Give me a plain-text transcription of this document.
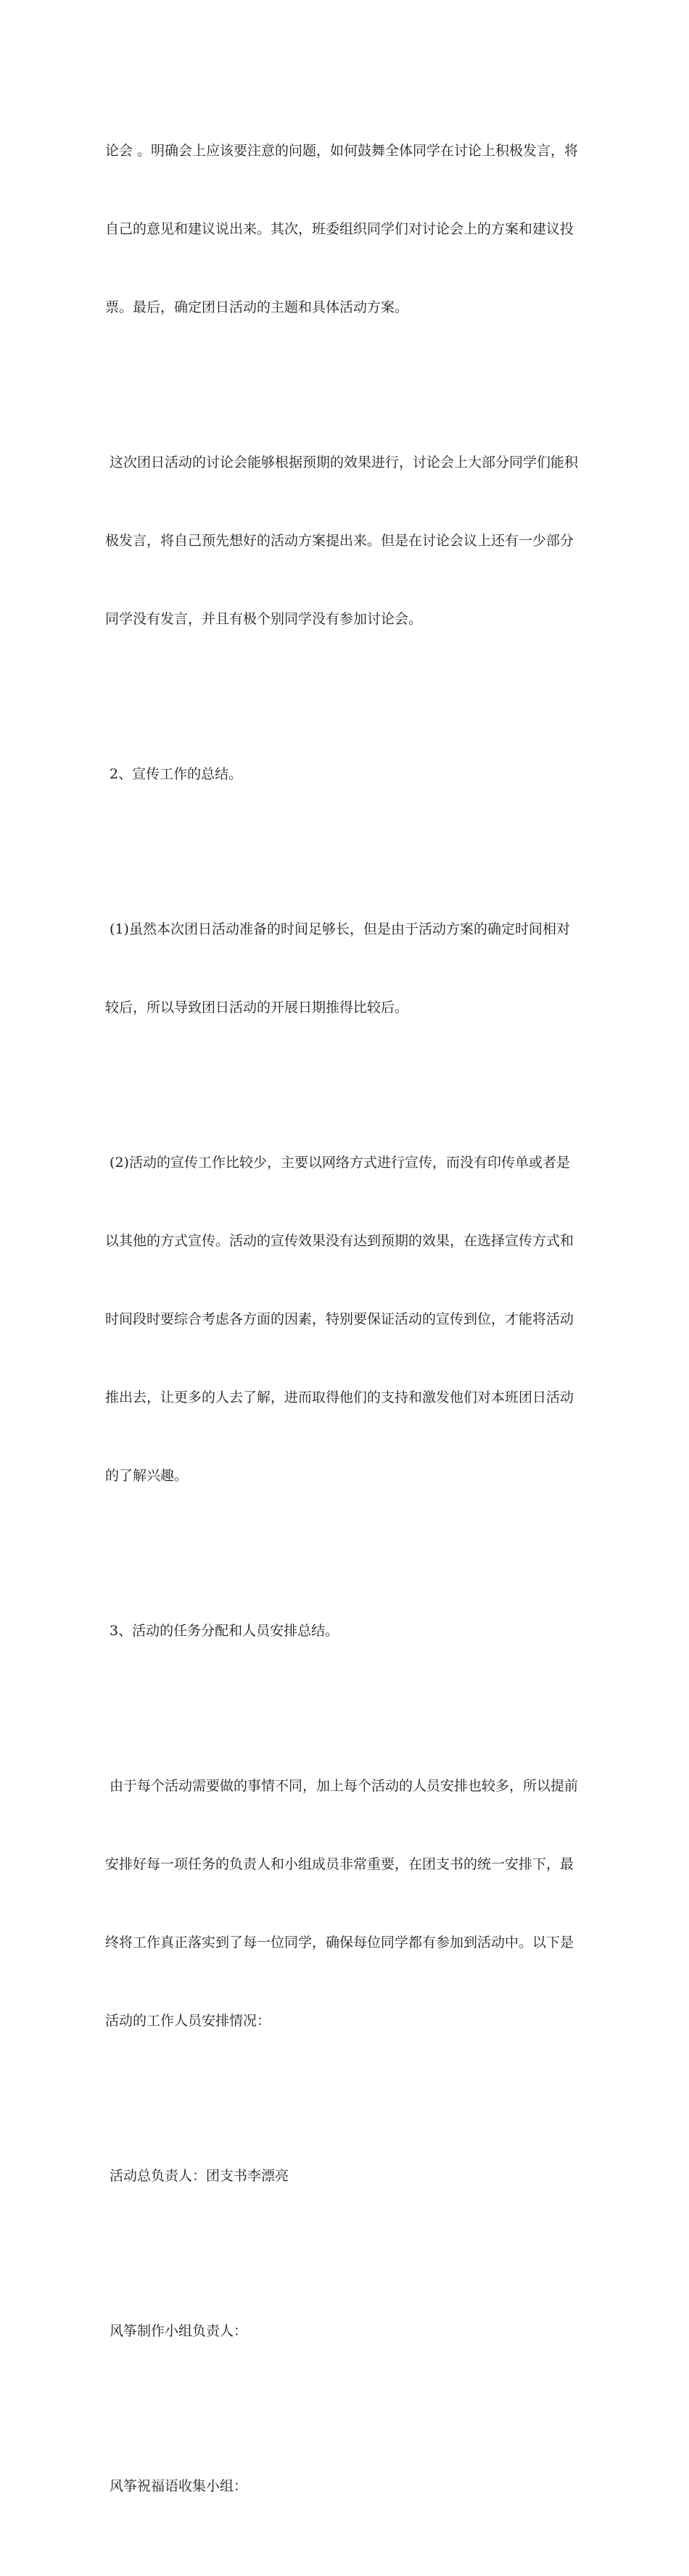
论会 。明确会上应该要注意的问题，如何鼓舞全体同学在讨论上积极发言，将

自己的意见和建议说出来。其次，班委组织同学们对讨论会上的方案和建议投

票。最后，确定团日活动的主题和具体活动方案。

这次团日活动的讨论会能够根据预期的效果进行，讨论会上大部分同学们能积

极发言，将自己预先想好的活动方案提出来。但是在讨论会议上还有一少部分

同学没有发言，并且有极个别同学没有参加讨论会。

2、宣传工作的总结。

(1)虽然本次团日活动准备的时间足够长，但是由于活动方案的确定时间相对

较后，所以导致团日活动的开展日期推得比较后。

(2)活动的宣传工作比较少，主要以网络方式进行宣传，而没有印传单或者是

以其他的方式宣传。活动的宣传效果没有达到预期的效果，在选择宣传方式和

时间段时要综合考虑各方面的因素，特别要保证活动的宣传到位，才能将活动

推出去，让更多的人去了解，进而取得他们的支持和激发他们对本班团日活动

的了解兴趣。

3、活动的任务分配和人员安排总结。

由于每个活动需要做的事情不同，加上每个活动的人员安排也较多，所以提前

安排好每一项任务的负责人和小组成员非常重要，在团支书的统一安排下，最

终将工作真正落实到了每一位同学，确保每位同学都有参加到活动中。以下是

活动的工作人员安排情况：

活动总负责人：团支书李漂亮

风筝制作小组负责人：

风筝祝福语收集小组：
